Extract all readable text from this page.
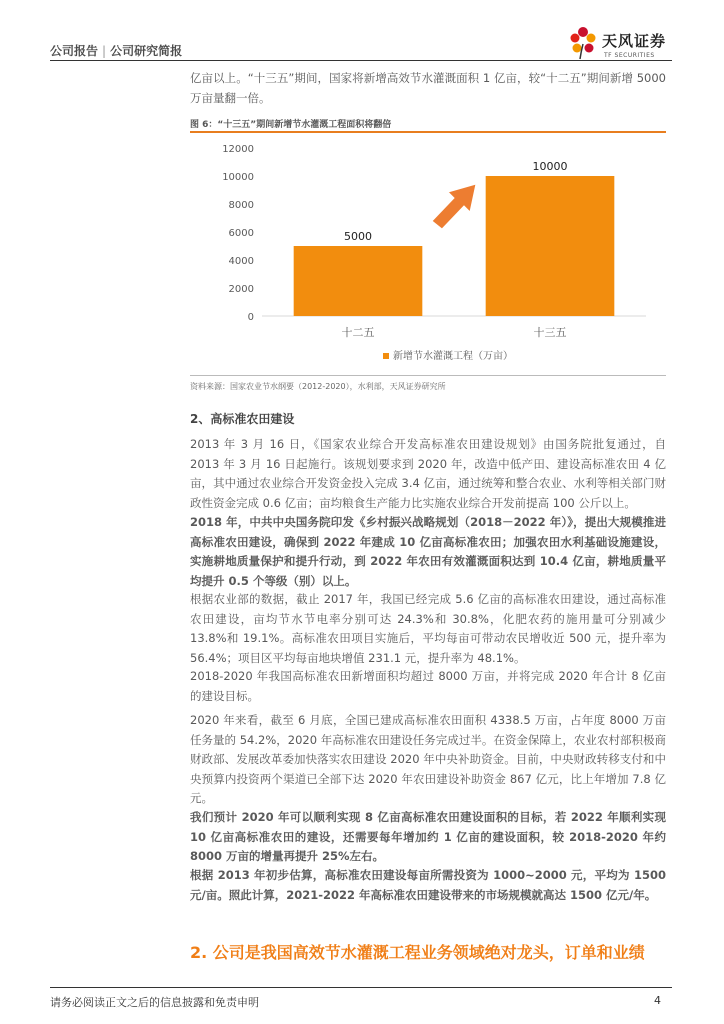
公司报告 | 公司研究简报
天风证券
TF SECURITIES

亿亩以上。“十三五”期间，国家将新增高效节水灌溉面积 1 亿亩，较“十二五”期间新增 5000 万亩量翻一倍。

图 6：“十三五”期间新增节水灌溉工程面积将翻倍
0
2000
4000
6000
8000
10000
12000
5000
10000
十二五	十三五
新增节水灌溉工程（万亩）
资料来源：国家农业节水纲要（2012-2020），水利部，天风证券研究所
2、高标准农田建设

2013 年 3 月 16 日，《国家农业综合开发高标准农田建设规划》由国务院批复通过，自 2013 年 3 月 16 日起施行。该规划要求到 2020 年，改造中低产田、建设高标准农田 4 亿亩，其中通过农业综合开发资金投入完成 3.4 亿亩，通过统筹和整合农业、水利等相关部门财政性资金完成 0.6 亿亩；亩均粮食生产能力比实施农业综合开发前提高 100 公斤以上。

2018 年，中共中央国务院印发《乡村振兴战略规划（2018－2022 年）》，提出大规模推进高标准农田建设，确保到 2022 年建成 10 亿亩高标准农田；加强农田水利基础设施建设，实施耕地质量保护和提升行动，到 2022 年农田有效灌溉面积达到 10.4 亿亩，耕地质量平均提升 0.5 个等级（别）以上。

根据农业部的数据，截止 2017 年，我国已经完成 5.6 亿亩的高标准农田建设，通过高标准农田建设，亩均节水节电率分别可达 24.3%和 30.8%，化肥农药的施用量可分别减少 13.8%和 19.1%。高标准农田项目实施后，平均每亩可带动农民增收近 500 元，提升率为 56.4%；项目区平均每亩地块增值 231.1 元，提升率为 48.1%。

2018-2020 年我国高标准农田新增面积均超过 8000 万亩，并将完成 2020 年合计 8 亿亩的建设目标。

2020 年来看，截至 6 月底，全国已建成高标准农田面积 4338.5 万亩，占年度 8000 万亩任务量的 54.2%，2020 年高标准农田建设任务完成过半。在资金保障上，农业农村部积极商财政部、发展改革委加快落实农田建设 2020 年中央补助资金。目前，中央财政转移支付和中央预算内投资两个渠道已全部下达 2020 年农田建设补助资金 867 亿元，比上年增加 7.8 亿元。

我们预计 2020 年可以顺利实现 8 亿亩高标准农田建设面积的目标，若 2022 年顺利实现 10 亿亩高标准农田的建设，还需要每年增加约 1 亿亩的建设面积，较 2018-2020 年约 8000 万亩的增量再提升 25%左右。

根据 2013 年初步估算，高标准农田建设每亩所需投资为 1000~2000 元，平均为 1500 元/亩。照此计算，2021-2022 年高标准农田建设带来的市场规模就高达 1500 亿元/年。

2. 公司是我国高效节水灌溉工程业务领域绝对龙头，订单和业绩
请务必阅读正文之后的信息披露和免责申明	4
